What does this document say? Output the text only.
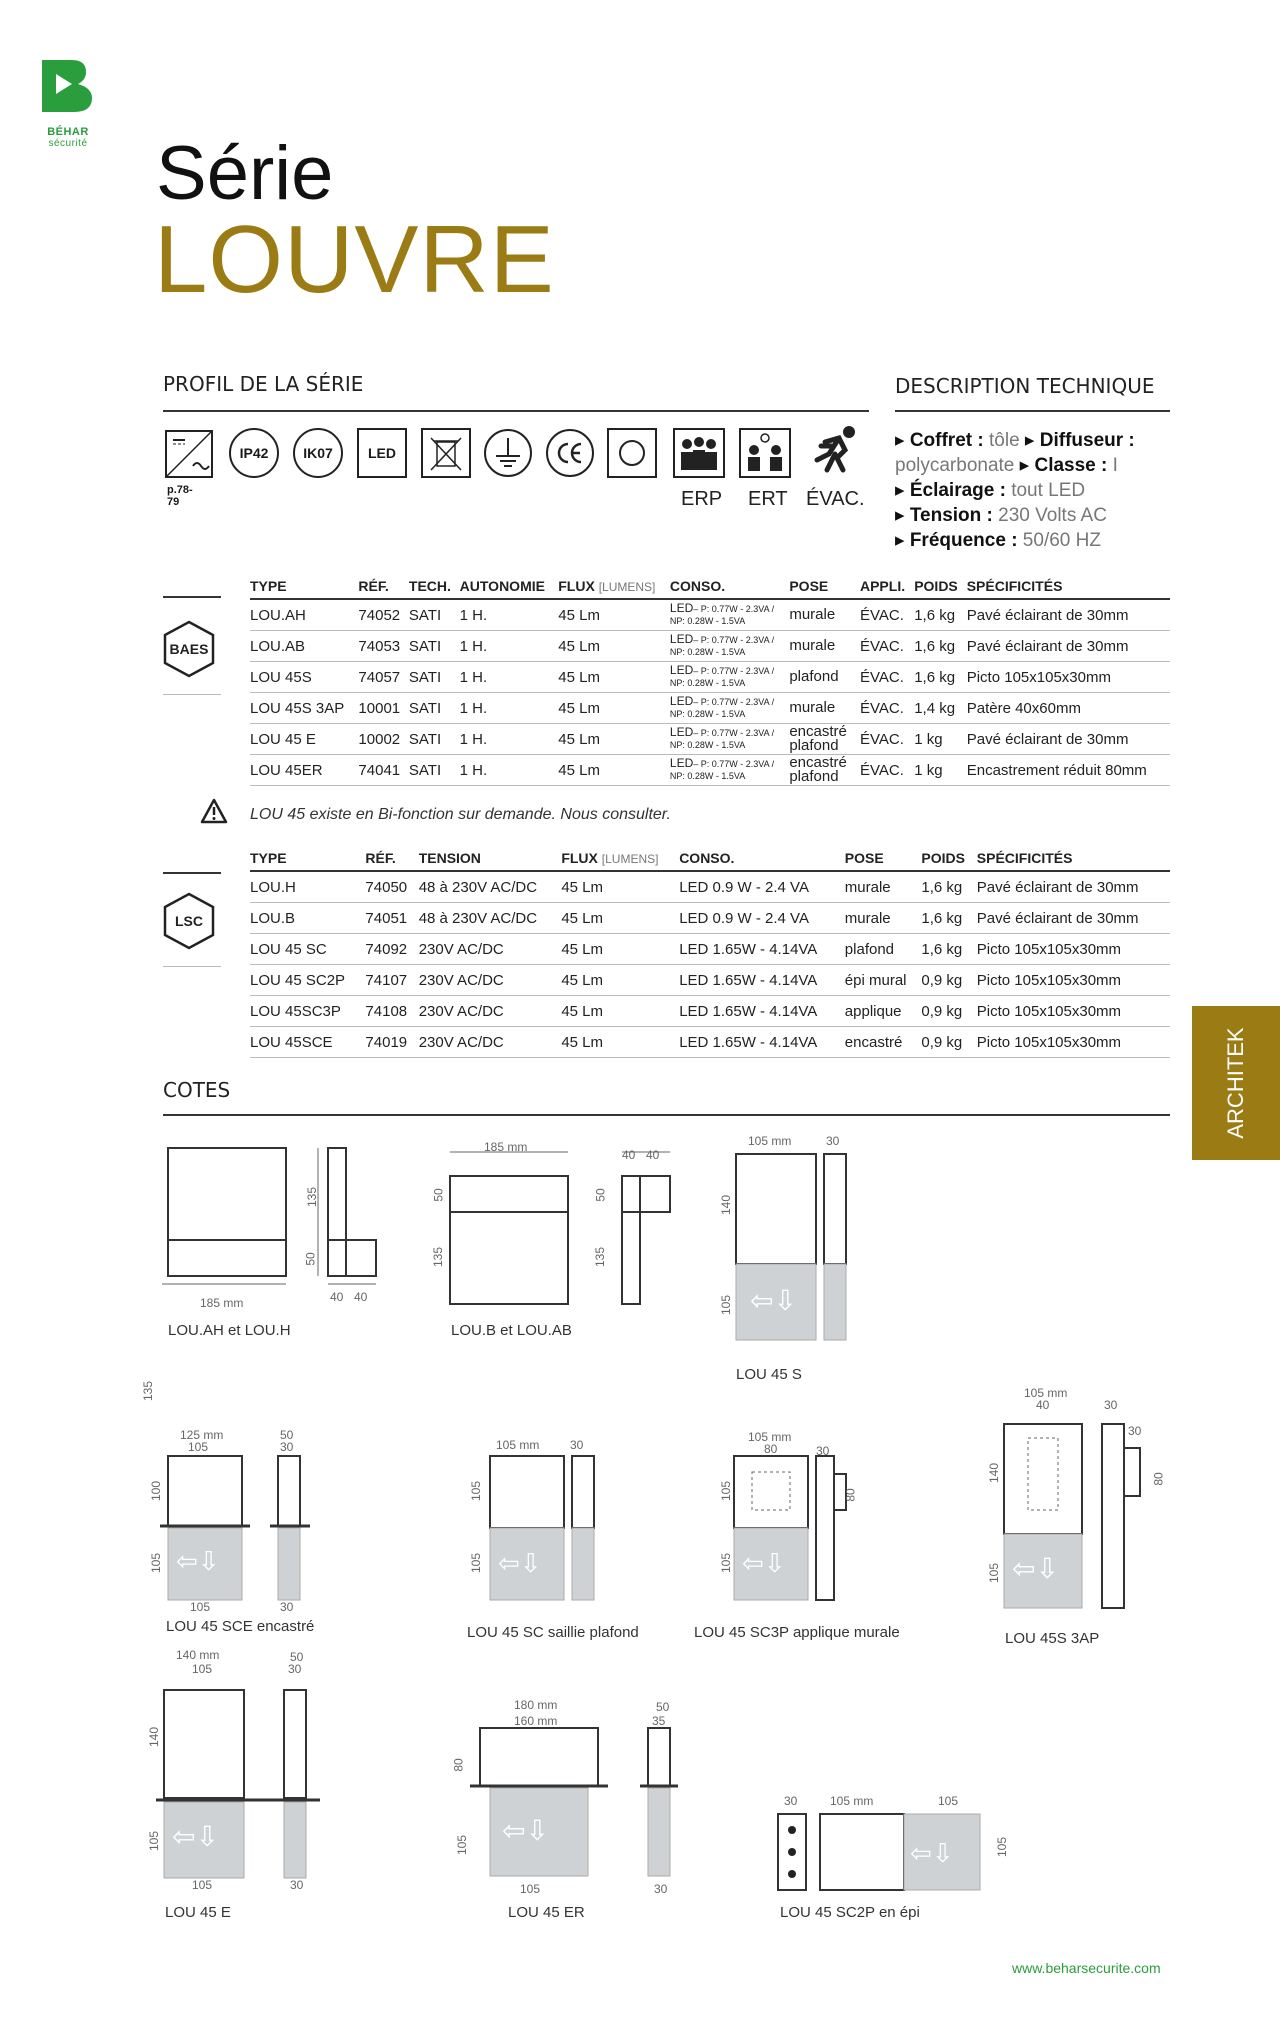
BÉHAR
sécurité Série
LOUVRE
PROFIL DE LA SÉRIE
p.78-79
IP42	IK07	LED
ERP ERT ÉVAC.
DESCRIPTION TECHNIQUE
▸ Coffret : tôle ▸ Diffuseur :
polycarbonate ▸ Classe : I
▸ Éclairage : tout LED
▸ Tension : 230 Volts AC
▸ Fréquence : 50/60 HZ
BAES
TYPE	RÉF.	TECH.	AUTONOMIE	FLUX [LUMENS]	CONSO.	POSE	APPLI.	POIDS	SPÉCIFICITÉS
LOU.AH	74052	SATI	1 H.	45 Lm	LED– P: 0.77W - 2.3VA /
NP: 0.28W - 1.5VA	murale	ÉVAC.	1,6 kg	Pavé éclairant de 30mm
LOU.AB	74053	SATI	1 H.	45 Lm	LED– P: 0.77W - 2.3VA /
NP: 0.28W - 1.5VA	murale	ÉVAC.	1,6 kg	Pavé éclairant de 30mm
LOU 45S	74057	SATI	1 H.	45 Lm	LED– P: 0.77W - 2.3VA /
NP: 0.28W - 1.5VA	plafond	ÉVAC.	1,6 kg	Picto 105x105x30mm
LOU 45S 3AP	10001	SATI	1 H.	45 Lm	LED– P: 0.77W - 2.3VA /
NP: 0.28W - 1.5VA	murale	ÉVAC.	1,4 kg	Patère 40x60mm
LOU 45 E	10002	SATI	1 H.	45 Lm	LED– P: 0.77W - 2.3VA /
NP: 0.28W - 1.5VA	encastré plafond	ÉVAC.	1 kg	Pavé éclairant de 30mm
LOU 45ER	74041	SATI	1 H.	45 Lm	LED– P: 0.77W - 2.3VA /
NP: 0.28W - 1.5VA	encastré plafond	ÉVAC.	1 kg	Encastrement réduit 80mm
LOU 45 existe en Bi-fonction sur demande. Nous consulter.
LSC
TYPE	RÉF.	TENSION	FLUX [LUMENS]	CONSO.	POSE	POIDS	SPÉCIFICITÉS
LOU.H	74050	48 à 230V AC/DC	45 Lm	LED 0.9 W - 2.4 VA	murale	1,6 kg	Pavé éclairant de 30mm
LOU.B	74051	48 à 230V AC/DC	45 Lm	LED 0.9 W - 2.4 VA	murale	1,6 kg	Pavé éclairant de 30mm
LOU 45 SC	74092	230V AC/DC	45 Lm	LED 1.65W - 4.14VA	plafond	1,6 kg	Picto 105x105x30mm
LOU 45 SC2P	74107	230V AC/DC	45 Lm	LED 1.65W - 4.14VA	épi mural	0,9 kg	Picto 105x105x30mm
LOU 45SC3P	74108	230V AC/DC	45 Lm	LED 1.65W - 4.14VA	applique	0,9 kg	Picto 105x105x30mm
LOU 45SCE	74019	230V AC/DC	45 Lm	LED 1.65W - 4.14VA	encastré	0,9 kg	Picto 105x105x30mm	ARCHITEK
COTES
185 mm
135
50
40 40
LOU.AH et LOU.H
185 mm
50
135
50
135
40 40
LOU.B et LOU.AB
⇦⇩
105 mm	30
140
105
LOU 45 S
135
⇦⇩
125 mm
105
50
30
100
105
105	30
LOU 45 SCE encastré
⇦⇩
105 mm	30
105
105
LOU 45 SC saillie plafond
⇦⇩
105 mm
80	30
105
105
80
LOU 45 SC3P applique murale
⇦⇩
105 mm
40	30
30
140
105
80
LOU 45S 3AP
⇦⇩
140 mm
105
50
30
140
105
105	30
LOU 45 E
⇦⇩
180 mm
160 mm
50
35
80
105
105	30
LOU 45 ER
⇦⇩
30	105 mm	105
105
LOU 45 SC2P en épi
www.beharsecurite.com
